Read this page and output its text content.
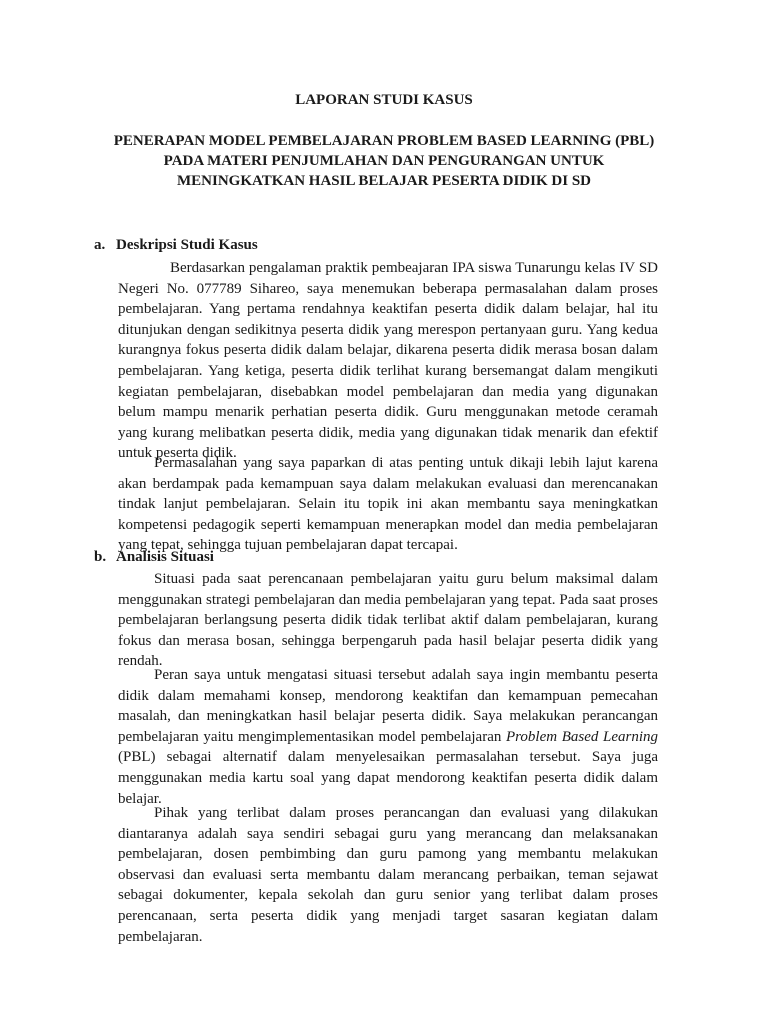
LAPORAN STUDI KASUS
PENERAPAN MODEL PEMBELAJARAN PROBLEM BASED LEARNING (PBL) PADA MATERI PENJUMLAHAN DAN PENGURANGAN UNTUK MENINGKATKAN HASIL BELAJAR PESERTA DIDIK DI SD
a. Deskripsi Studi Kasus

Berdasarkan pengalaman praktik pembeajaran IPA siswa Tunarungu kelas IV SD Negeri No. 077789 Sihareo, saya menemukan beberapa permasalahan dalam proses pembelajaran. Yang pertama rendahnya keaktifan peserta didik dalam belajar, hal itu ditunjukan dengan sedikitnya peserta didik yang merespon pertanyaan guru. Yang kedua kurangnya fokus peserta didik dalam belajar, dikarena peserta didik merasa bosan dalam pembelajaran. Yang ketiga, peserta didik terlihat kurang bersemangat dalam mengikuti kegiatan pembelajaran, disebabkan model pembelajaran dan media yang digunakan belum mampu menarik perhatian peserta didik. Guru menggunakan metode ceramah yang kurang melibatkan peserta didik, media yang digunakan tidak menarik dan efektif untuk peserta didik.

Permasalahan yang saya paparkan di atas penting untuk dikaji lebih lajut karena akan berdampak pada kemampuan saya dalam melakukan evaluasi dan merencanakan tindak lanjut pembelajaran. Selain itu topik ini akan membantu saya meningkatkan kompetensi pedagogik seperti kemampuan menerapkan model dan media pembelajaran yang tepat, sehingga tujuan pembelajaran dapat tercapai.

b. Analisis Situasi

Situasi pada saat perencanaan pembelajaran yaitu guru belum maksimal dalam menggunakan strategi pembelajaran dan media pembelajaran yang tepat. Pada saat proses pembelajaran berlangsung peserta didik tidak terlibat aktif dalam pembelajaran, kurang fokus dan merasa bosan, sehingga berpengaruh pada hasil belajar peserta didik yang rendah.

Peran saya untuk mengatasi situasi tersebut adalah saya ingin membantu peserta didik dalam memahami konsep, mendorong keaktifan dan kemampuan pemecahan masalah, dan meningkatkan hasil belajar peserta didik. Saya melakukan perancangan pembelajaran yaitu mengimplementasikan model pembelajaran Problem Based Learning (PBL) sebagai alternatif dalam menyelesaikan permasalahan tersebut. Saya juga menggunakan media kartu soal yang dapat mendorong keaktifan peserta didik dalam belajar.

Pihak yang terlibat dalam proses perancangan dan evaluasi yang dilakukan diantaranya adalah saya sendiri sebagai guru yang merancang dan melaksanakan pembelajaran, dosen pembimbing dan guru pamong yang membantu melakukan observasi dan evaluasi serta membantu dalam merancang perbaikan, teman sejawat sebagai dokumenter, kepala sekolah dan guru senior yang terlibat dalam proses perencanaan, serta peserta didik yang menjadi target sasaran kegiatan dalam pembelajaran.
